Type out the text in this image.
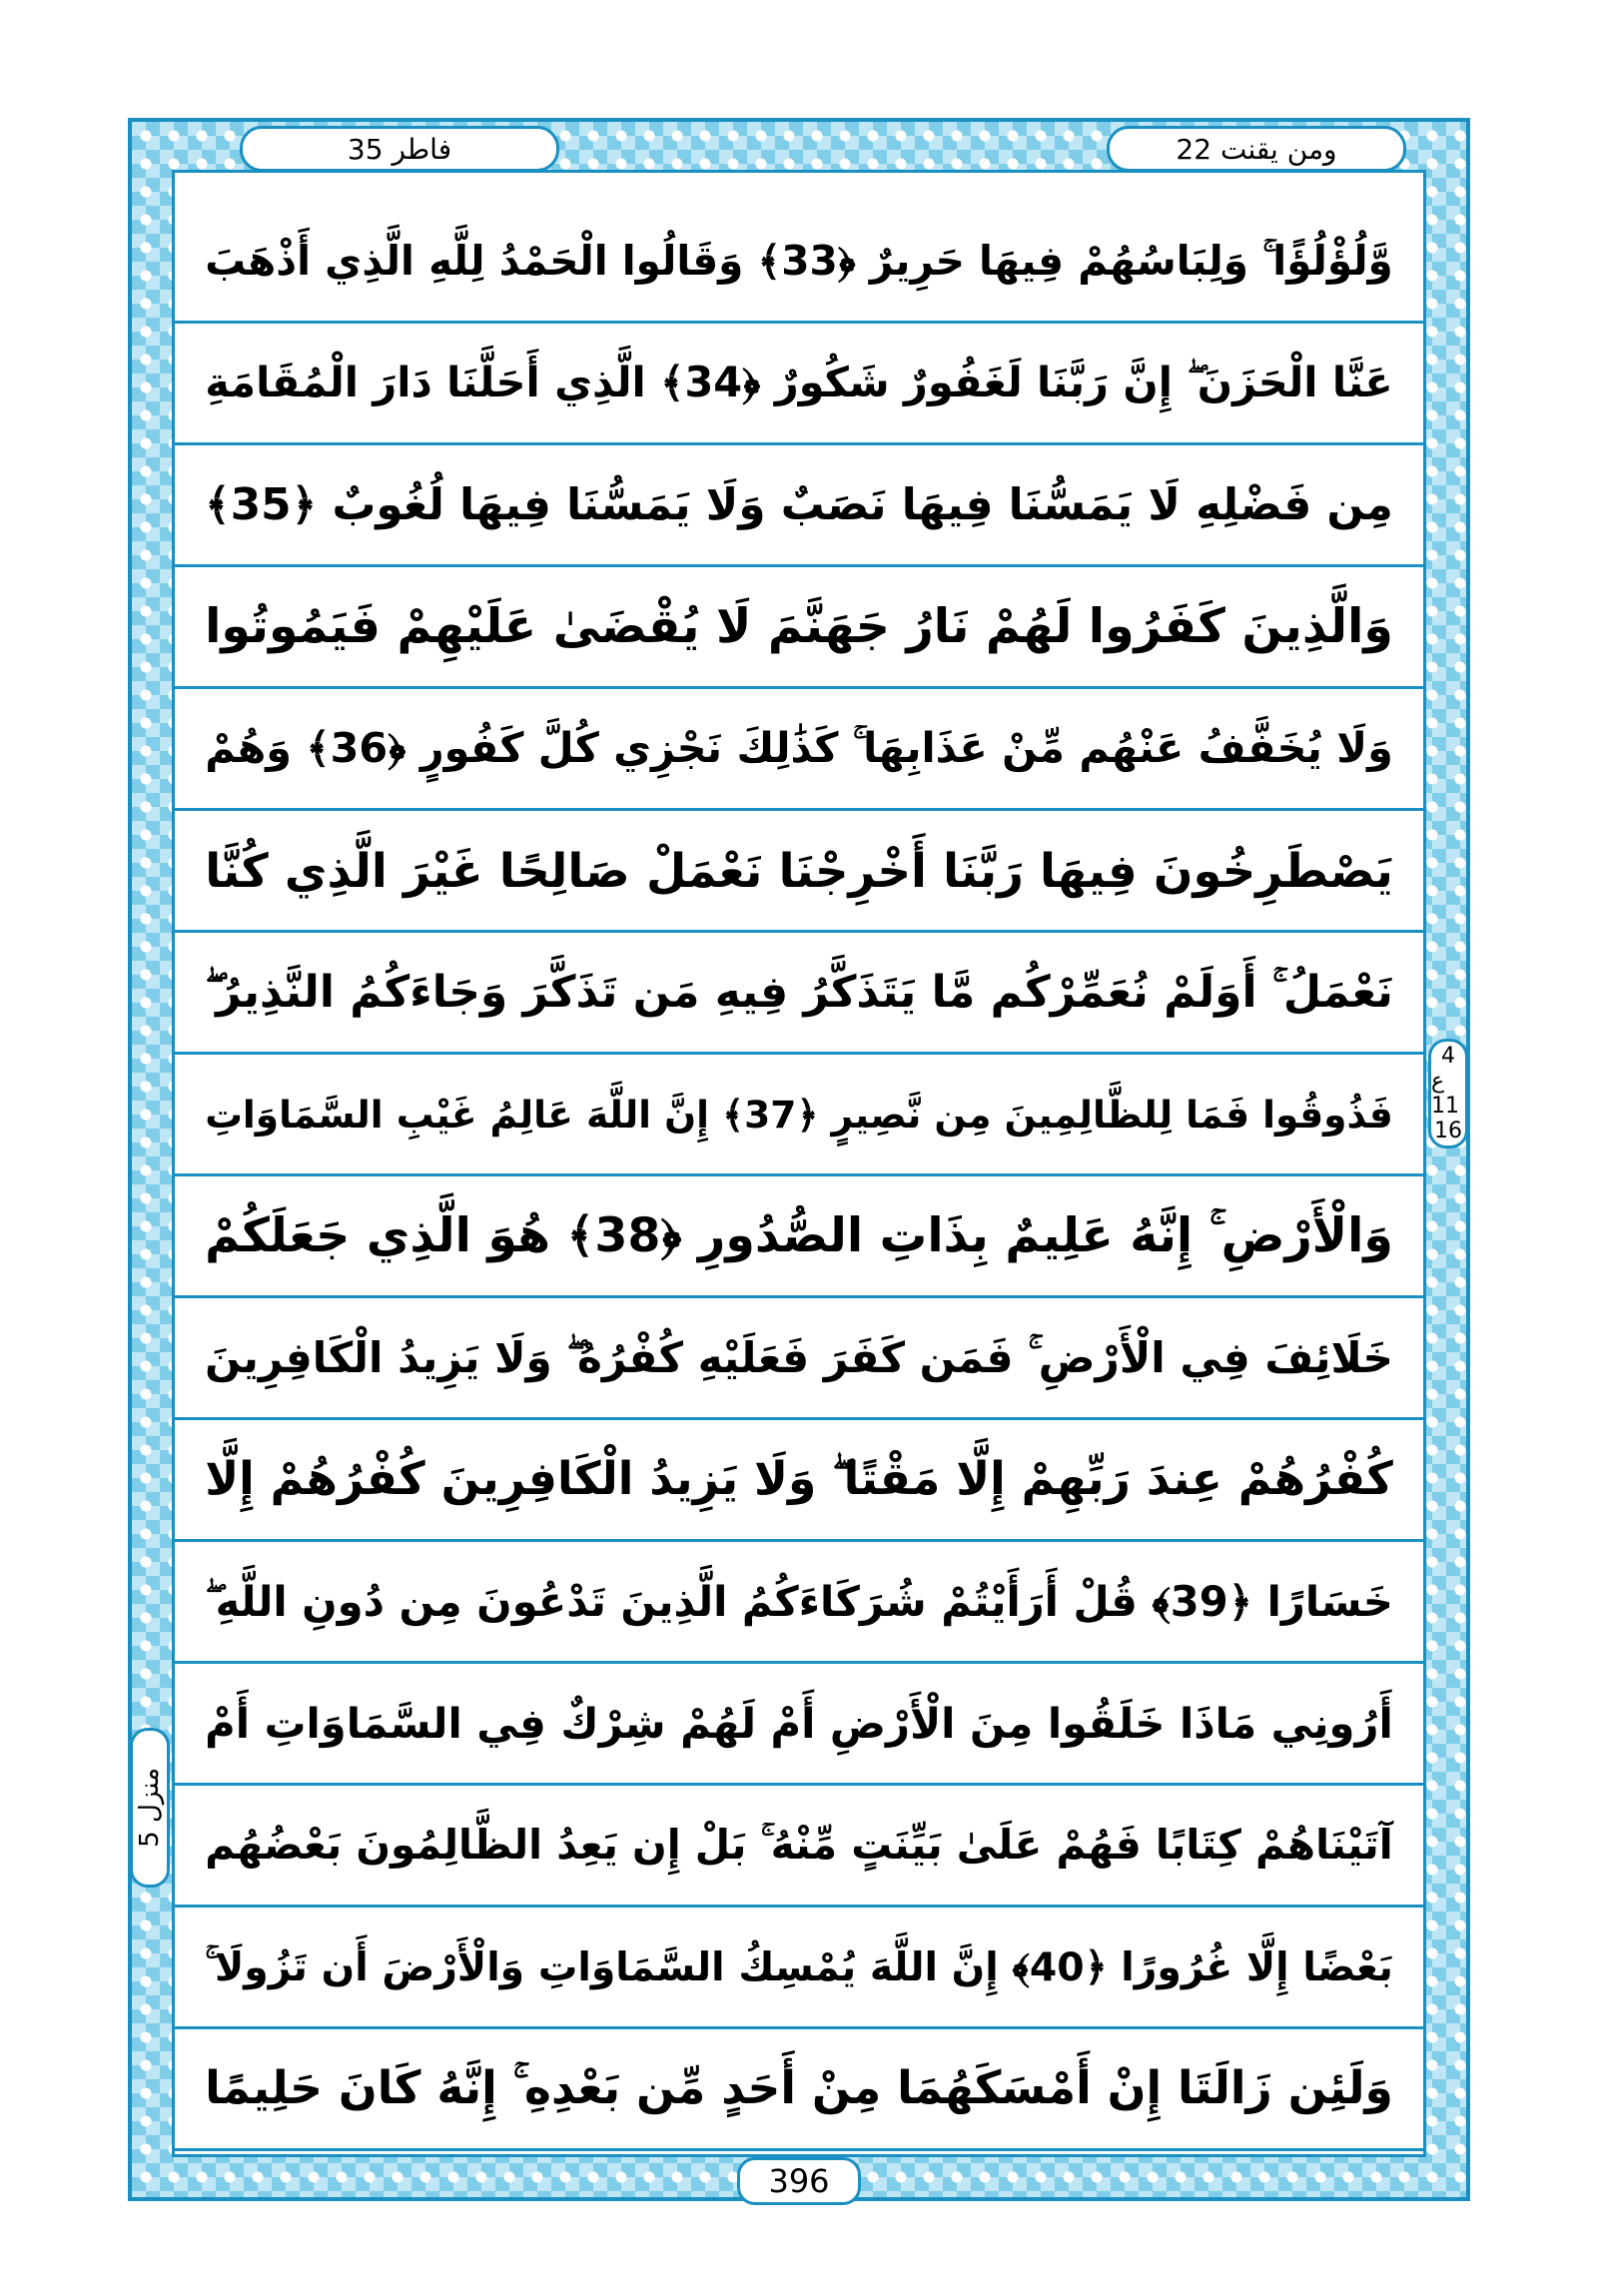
فاطر 35	ومن يقنت 22
وَّلُؤْلُؤًا ۚ وَلِبَاسُهُمْ فِيهَا حَرِيرٌ ﴿33﴾ وَقَالُوا الْحَمْدُ لِلَّهِ الَّذِي أَذْهَبَ
عَنَّا الْحَزَنَ ۖ إِنَّ رَبَّنَا لَغَفُورٌ شَكُورٌ ﴿34﴾ الَّذِي أَحَلَّنَا دَارَ الْمُقَامَةِ
مِن فَضْلِهِ لَا يَمَسُّنَا فِيهَا نَصَبٌ وَلَا يَمَسُّنَا فِيهَا لُغُوبٌ ﴿35﴾
وَالَّذِينَ كَفَرُوا لَهُمْ نَارُ جَهَنَّمَ لَا يُقْضَىٰ عَلَيْهِمْ فَيَمُوتُوا
وَلَا يُخَفَّفُ عَنْهُم مِّنْ عَذَابِهَا ۚ كَذَٰلِكَ نَجْزِي كُلَّ كَفُورٍ ﴿36﴾ وَهُمْ
يَصْطَرِخُونَ فِيهَا رَبَّنَا أَخْرِجْنَا نَعْمَلْ صَالِحًا غَيْرَ الَّذِي كُنَّا
نَعْمَلُ ۚ أَوَلَمْ نُعَمِّرْكُم مَّا يَتَذَكَّرُ فِيهِ مَن تَذَكَّرَ وَجَاءَكُمُ النَّذِيرُ ۖ
فَذُوقُوا فَمَا لِلظَّالِمِينَ مِن نَّصِيرٍ ﴿37﴾ إِنَّ اللَّهَ عَالِمُ غَيْبِ السَّمَاوَاتِ
وَالْأَرْضِ ۚ إِنَّهُ عَلِيمٌ بِذَاتِ الصُّدُورِ ﴿38﴾ هُوَ الَّذِي جَعَلَكُمْ
خَلَائِفَ فِي الْأَرْضِ ۚ فَمَن كَفَرَ فَعَلَيْهِ كُفْرُهُ ۖ وَلَا يَزِيدُ الْكَافِرِينَ
كُفْرُهُمْ عِندَ رَبِّهِمْ إِلَّا مَقْتًا ۖ وَلَا يَزِيدُ الْكَافِرِينَ كُفْرُهُمْ إِلَّا
خَسَارًا ﴿39﴾ قُلْ أَرَأَيْتُمْ شُرَكَاءَكُمُ الَّذِينَ تَدْعُونَ مِن دُونِ اللَّهِ ۖ
أَرُونِي مَاذَا خَلَقُوا مِنَ الْأَرْضِ أَمْ لَهُمْ شِرْكٌ فِي السَّمَاوَاتِ أَمْ
آتَيْنَاهُمْ كِتَابًا فَهُمْ عَلَىٰ بَيِّنَتٍ مِّنْهُ ۚ بَلْ إِن يَعِدُ الظَّالِمُونَ بَعْضُهُم
بَعْضًا إِلَّا غُرُورًا ﴿40﴾ إِنَّ اللَّهَ يُمْسِكُ السَّمَاوَاتِ وَالْأَرْضَ أَن تَزُولَا ۚ
وَلَئِن زَالَتَا إِنْ أَمْسَكَهُمَا مِنْ أَحَدٍ مِّن بَعْدِهِ ۚ إِنَّهُ كَانَ حَلِيمًا
4
ع 11
16
منزل 5
396
